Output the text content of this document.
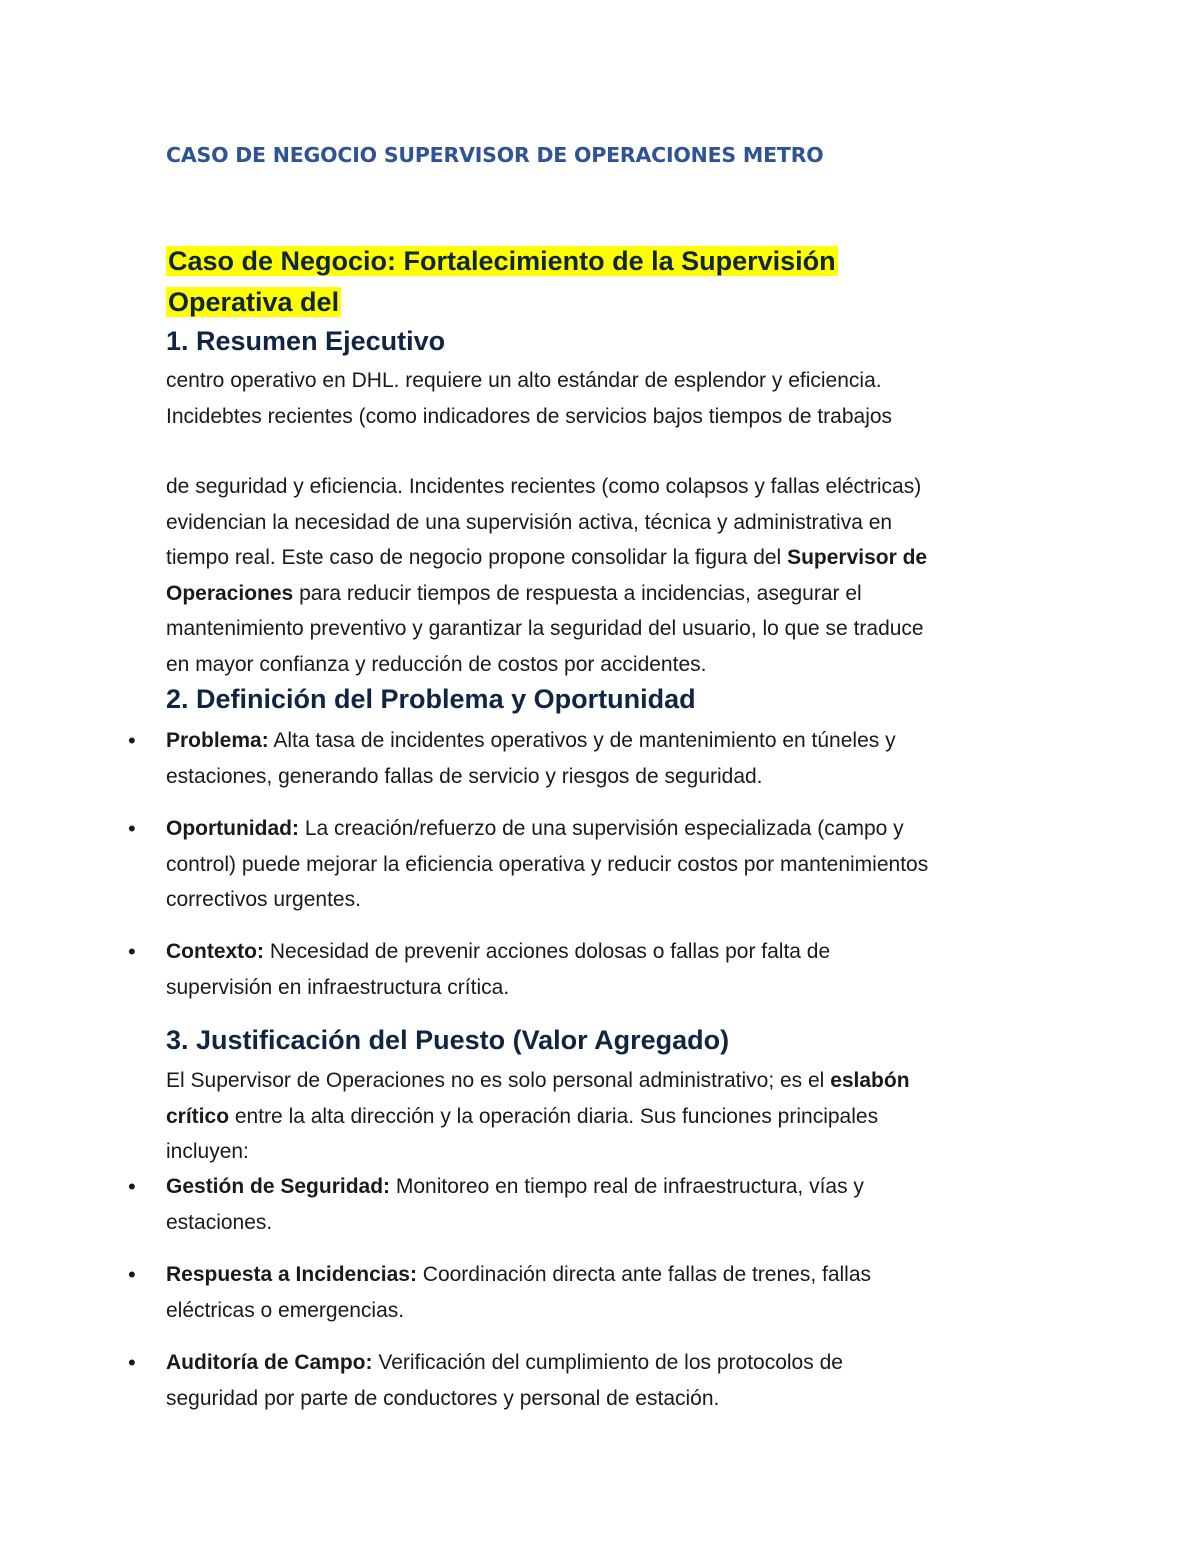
CASO DE NEGOCIO SUPERVISOR DE OPERACIONES METRO
Caso de Negocio: Fortalecimiento de la Supervisión
Operativa del
1. Resumen Ejecutivo
centro operativo en DHL. requiere un alto estándar de esplendor y eficiencia.
Incidebtes recientes (como indicadores de servicios bajos tiempos de trabajos
de seguridad y eficiencia. Incidentes recientes (como colapsos y fallas eléctricas)
evidencian la necesidad de una supervisión activa, técnica y administrativa en
tiempo real. Este caso de negocio propone consolidar la figura del Supervisor de
Operaciones para reducir tiempos de respuesta a incidencias, asegurar el
mantenimiento preventivo y garantizar la seguridad del usuario, lo que se traduce
en mayor confianza y reducción de costos por accidentes.
2. Definición del Problema y Oportunidad
• Problema: Alta tasa de incidentes operativos y de mantenimiento en túneles y
estaciones, generando fallas de servicio y riesgos de seguridad.
• Oportunidad: La creación/refuerzo de una supervisión especializada (campo y
control) puede mejorar la eficiencia operativa y reducir costos por mantenimientos
correctivos urgentes.
• Contexto: Necesidad de prevenir acciones dolosas o fallas por falta de
supervisión en infraestructura crítica.
3. Justificación del Puesto (Valor Agregado)
El Supervisor de Operaciones no es solo personal administrativo; es el eslabón
crítico entre la alta dirección y la operación diaria. Sus funciones principales
incluyen:
• Gestión de Seguridad: Monitoreo en tiempo real de infraestructura, vías y
estaciones.
• Respuesta a Incidencias: Coordinación directa ante fallas de trenes, fallas
eléctricas o emergencias.
• Auditoría de Campo: Verificación del cumplimiento de los protocolos de
seguridad por parte de conductores y personal de estación.
